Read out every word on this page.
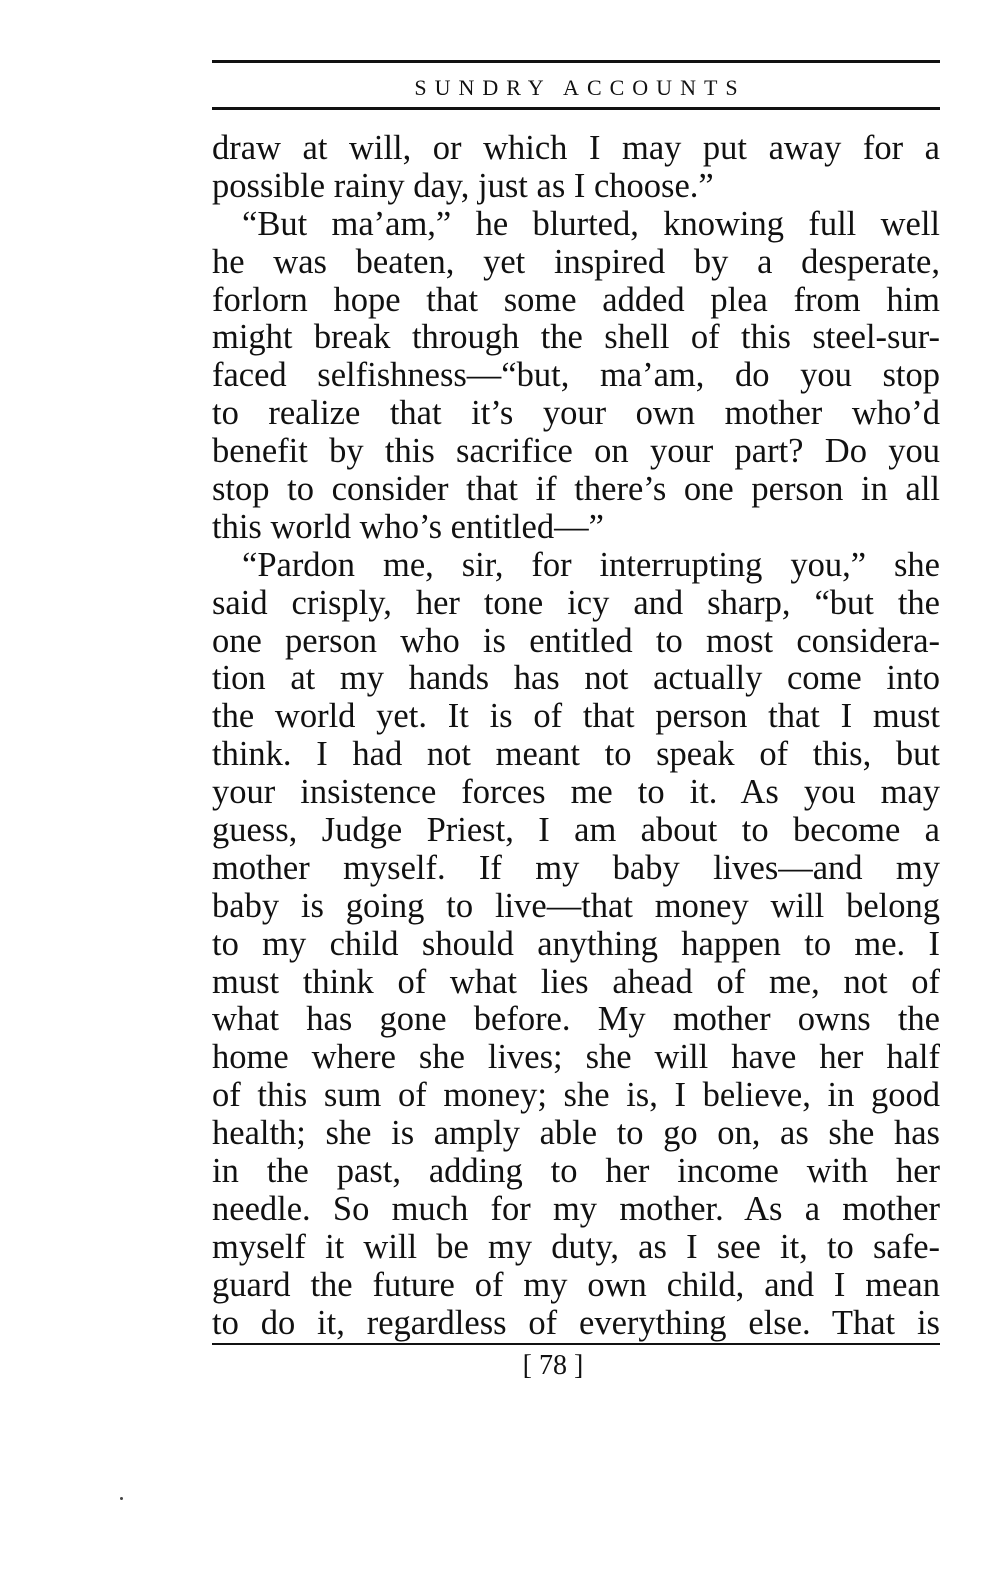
SUNDRY ACCOUNTS
draw at will, or which I may put away for a
possible rainy day, just as I choose.”
“But ma’am,” he blurted, knowing full well
he was beaten, yet inspired by a desperate,
forlorn hope that some added plea from him
might break through the shell of this steel-sur-
faced selfishness—“but, ma’am, do you stop
to realize that it’s your own mother who’d
benefit by this sacrifice on your part? Do you
stop to consider that if there’s one person in all
this world who’s entitled—”
“Pardon me, sir, for interrupting you,” she
said crisply, her tone icy and sharp, “but the
one person who is entitled to most considera-
tion at my hands has not actually come into
the world yet. It is of that person that I must
think. I had not meant to speak of this, but
your insistence forces me to it. As you may
guess, Judge Priest, I am about to become a
mother myself. If my baby lives—and my
baby is going to live—that money will belong
to my child should anything happen to me. I
must think of what lies ahead of me, not of
what has gone before. My mother owns the
home where she lives; she will have her half
of this sum of money; she is, I believe, in good
health; she is amply able to go on, as she has
in the past, adding to her income with her
needle. So much for my mother. As a mother
myself it will be my duty, as I see it, to safe-
guard the future of my own child, and I mean
to do it, regardless of everything else. That is
[ 78 ]
